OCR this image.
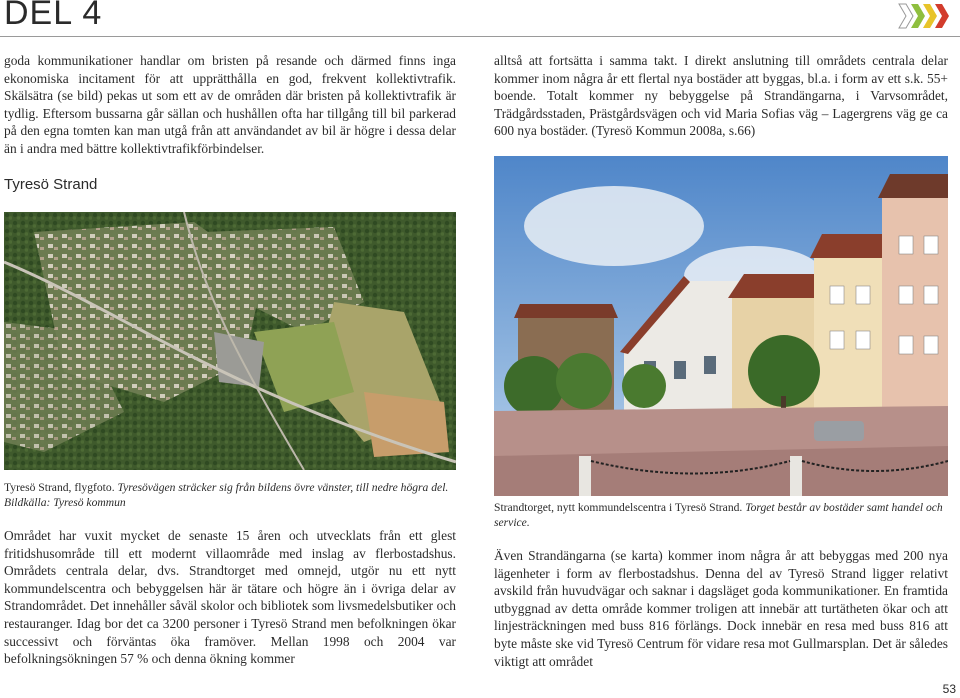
DEL 4

goda kommunikationer handlar om bristen på resande och därmed finns inga ekonomiska incitament för att upprätthålla en god, frekvent kollektivtrafik. Skälsätra (se bild) pekas ut som ett av de områden där bristen på kollektivtrafik är tydlig. Eftersom bussarna går sällan och hushållen ofta har tillgång till bil parkerad på den egna tomten kan man utgå från att användandet av bil är högre i dessa delar än i andra med bättre kollektivtrafikförbindelser.

alltså att fortsätta i samma takt. I direkt anslutning till områdets centrala delar kommer inom några år ett flertal nya bostäder att byggas, bl.a. i form av ett s.k. 55+ boende. Totalt kommer ny bebyggelse på Strandängarna, i Varvsområdet, Trädgårdsstaden, Prästgårdsvägen och vid Maria Sofias väg – Lagergrens väg ge ca 600 nya bostäder. (Tyresö Kommun 2008a, s.66)

Tyresö Strand
Tyresö Strand, flygfoto. Tyresövägen sträcker sig från bildens övre vänster, till nedre högra del. Bildkälla: Tyresö kommun	Strandtorget, nytt kommundelscentra i Tyresö Strand. Torget består av bostäder samt handel och service.

Området har vuxit mycket de senaste 15 åren och utvecklats från ett glest fritidshusområde till ett modernt villaområde med inslag av flerbostadshus. Områdets centrala delar, dvs. Strandtorget med omnejd, utgör nu ett nytt kommundelscentra och bebyggelsen här är tätare och högre än i övriga delar av Strandområdet. Det innehåller såväl skolor och bibliotek som livsmedelsbutiker och restauranger. Idag bor det ca 3200 personer i Tyresö Strand men befolkningen ökar successivt och förväntas öka framöver. Mellan 1998 och 2004 var befolkningsökningen 57 % och denna ökning kommer

Även Strandängarna (se karta) kommer inom några år att bebyggas med 200 nya lägenheter i form av flerbostadshus. Denna del av Tyresö Strand ligger relativt avskild från huvudvägar och saknar i dagsläget goda kommunikationer. En framtida utbyggnad av detta område kommer troligen att innebär att turtätheten ökar och att linjesträckningen med buss 816 förlängs. Dock innebär en resa med buss 816 att byte måste ske vid Tyresö Centrum för vidare resa mot Gullmarsplan. Det är således viktigt att området

53
